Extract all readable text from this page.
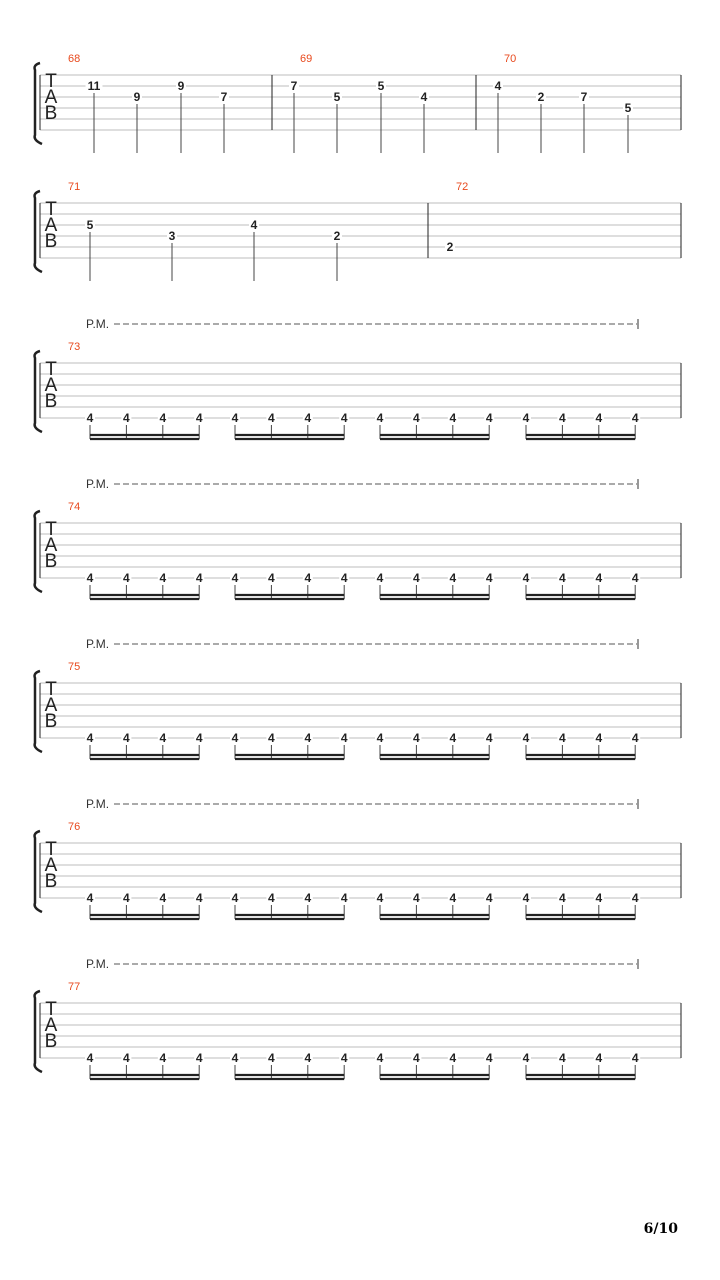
T
A
B
68
11
9
9
7
69
7
5
5
4
70
4
2	7
5
T
A
B
71
5
3
4
2
72
2
T
A
B
73
P.M.
4 4 4 4 4 4 4 4 4 4 4 4	4 4 4 4
T
A
B
74
P.M.
4 4 4 4 4 4 4 4 4 4 4 4	4 4 4 4
T
A
B
75
P.M.
4 4 4 4 4 4 4 4 4 4 4 4	4 4 4 4
T
A
B
76
P.M.
4 4 4 4 4 4 4 4 4 4 4 4	4 4 4 4
T
A
B
77
P.M.
4 4 4 4 4 4 4 4 4 4 4 4	4 4 4 4
6/10
